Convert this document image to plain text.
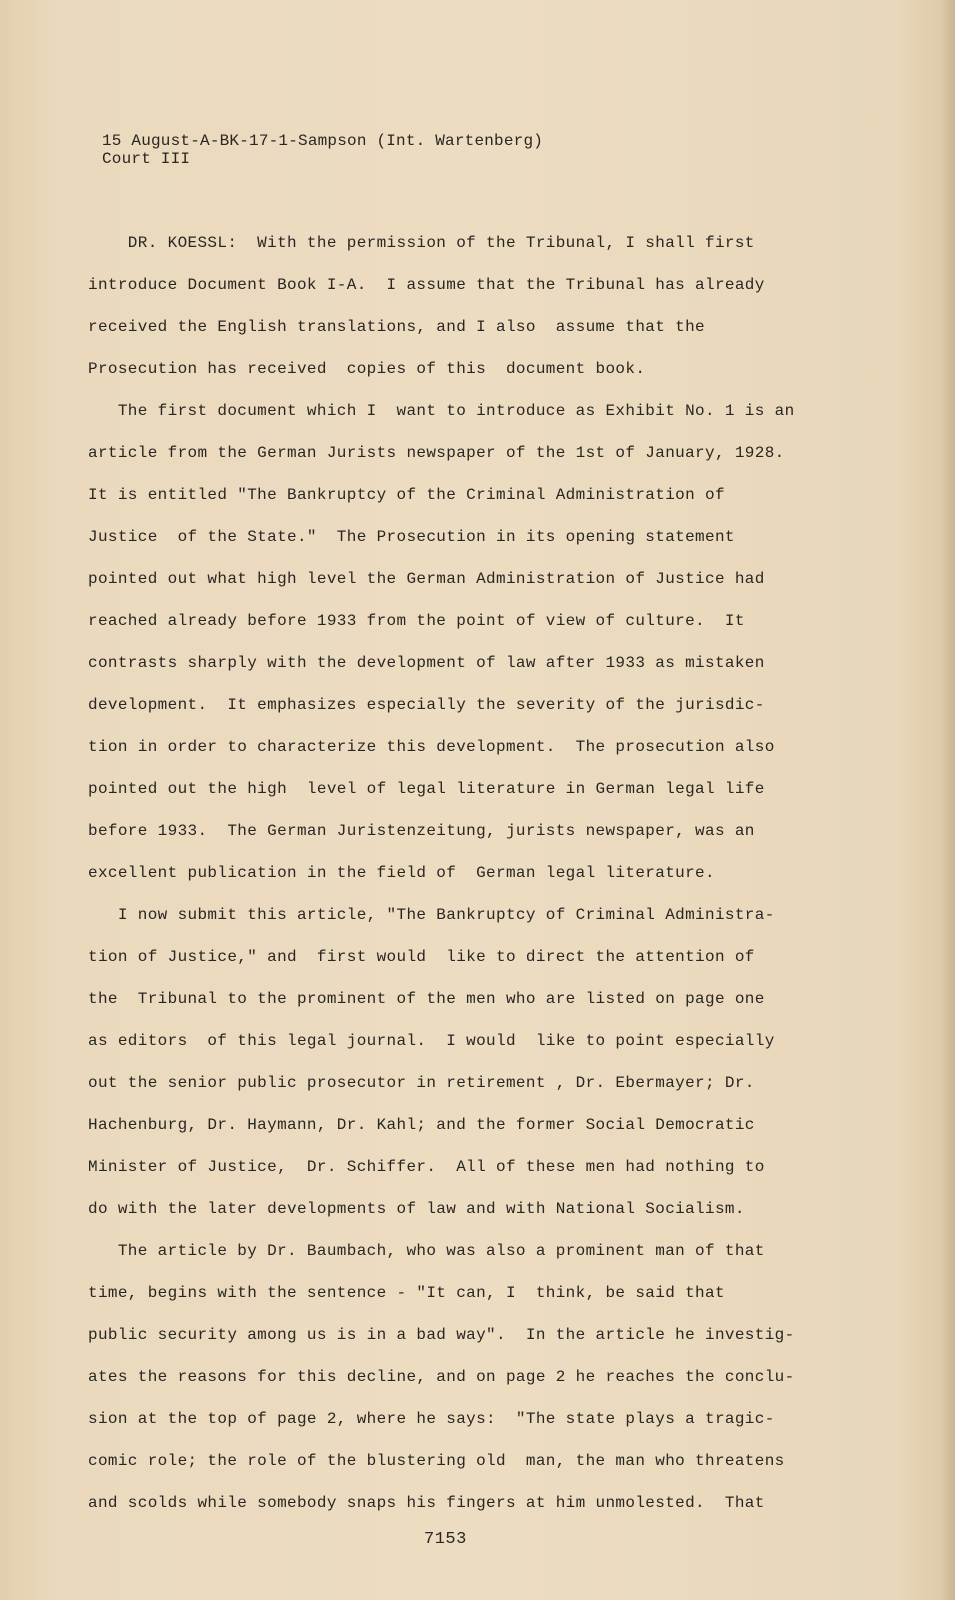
15 August-A-BK-17-1-Sampson (Int. Wartenberg)
Court III
DR. KOESSL:  With the permission of the Tribunal, I shall first
introduce Document Book I-A.  I assume that the Tribunal has already
received the English translations, and I also  assume that the
Prosecution has received  copies of this  document book.
The first document which I  want to introduce as Exhibit No. 1 is an
article from the German Jurists newspaper of the 1st of January, 1928.
It is entitled "The Bankruptcy of the Criminal Administration of
Justice  of the State."  The Prosecution in its opening statement
pointed out what high level the German Administration of Justice had
reached already before 1933 from the point of view of culture.  It
contrasts sharply with the development of law after 1933 as mistaken
development.  It emphasizes especially the severity of the jurisdic-
tion in order to characterize this development.  The prosecution also
pointed out the high  level of legal literature in German legal life
before 1933.  The German Juristenzeitung, jurists newspaper, was an
excellent publication in the field of  German legal literature.
I now submit this article, "The Bankruptcy of Criminal Administra-
tion of Justice," and  first would  like to direct the attention of
the  Tribunal to the prominent of the men who are listed on page one
as editors  of this legal journal.  I would  like to point especially
out the senior public prosecutor in retirement , Dr. Ebermayer; Dr.
Hachenburg, Dr. Haymann, Dr. Kahl; and the former Social Democratic
Minister of Justice,  Dr. Schiffer.  All of these men had nothing to
do with the later developments of law and with National Socialism.
The article by Dr. Baumbach, who was also a prominent man of that
time, begins with the sentence - "It can, I  think, be said that
public security among us is in a bad way".  In the article he investig-
ates the reasons for this decline, and on page 2 he reaches the conclu-
sion at the top of page 2, where he says:  "The state plays a tragic-
comic role; the role of the blustering old  man, the man who threatens
and scolds while somebody snaps his fingers at him unmolested.  That
7153
